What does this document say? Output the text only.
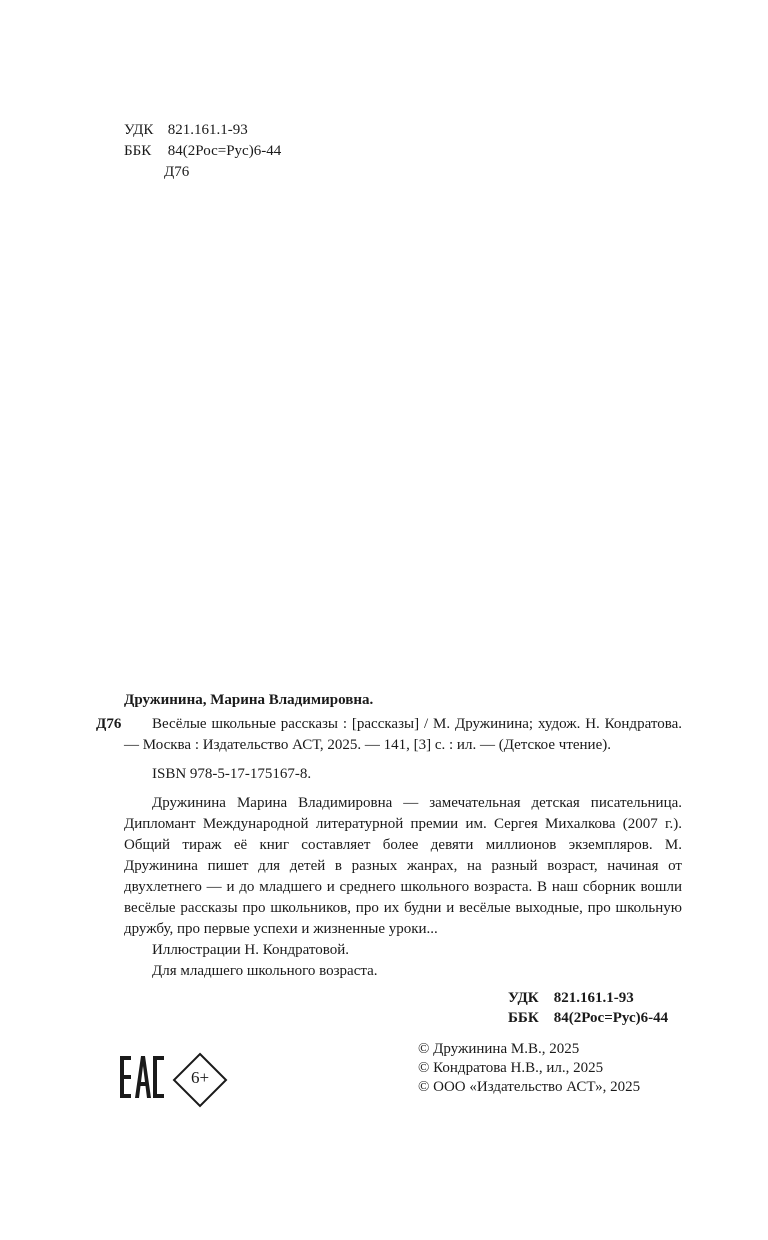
УДК 821.161.1-93
ББК 84(2Рос=Рус)6-44
Д76
Дружинина, Марина Владимировна.
Д76	Весёлые школьные рассказы : [рассказы] / М. Дружинина; худож. Н. Кондратова. — Москва : Издательство АСТ, 2025. — 141, [3] с. : ил. — (Детское чтение).

ISBN 978-5-17-175167-8.

Дружинина Марина Владимировна — замечательная детская писательница. Дипломант Международной литературной премии им. Сергея Михалкова (2007 г.). Общий тираж её книг составляет более девяти миллионов экземпляров. М. Дружинина пишет для детей в разных жанрах, на разный возраст, начиная от двухлетнего — и до младшего и среднего школьного возраста. В наш сборник вошли весёлые рассказы про школьников, про их будни и весёлые выходные, про школьную дружбу, про первые успехи и жизненные уроки...

Иллюстрации Н. Кондратовой.

Для младшего школьного возраста.

УДК 821.161.1-93
ББК 84(2Рос=Рус)6-44
© Дружинина М.В., 2025
© Кондратова Н.В., ил., 2025
© ООО «Издательство АСТ», 2025
6+
